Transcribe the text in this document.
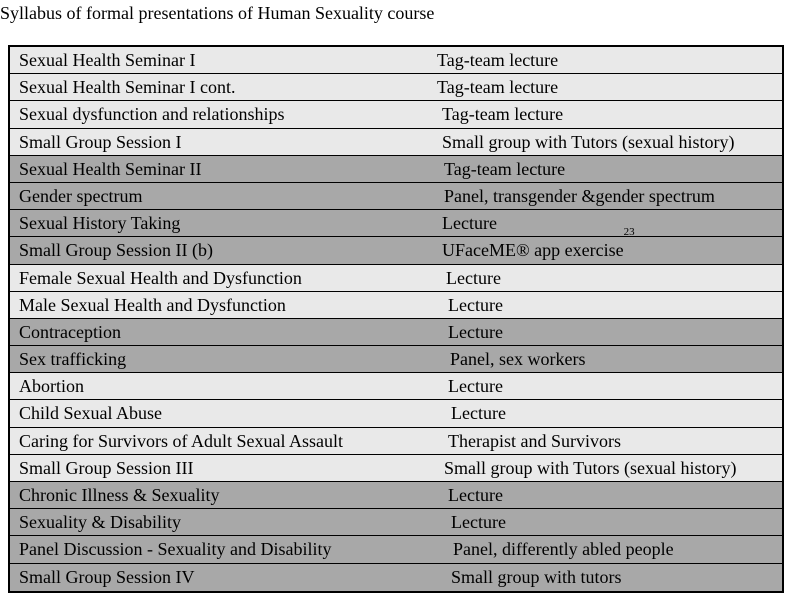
Syllabus of formal presentations of Human Sexuality course
Sexual Health Seminar I	Tag-team lecture
Sexual Health Seminar I cont.	Tag-team lecture
Sexual dysfunction and relationships	Tag-team lecture
Small Group Session I	Small group with Tutors (sexual history)
Sexual Health Seminar II	Tag-team lecture
Gender spectrum	Panel, transgender &gender spectrum
Sexual History Taking	Lecture
Small Group Session II (b)	UFaceME® app exercise$^{23}$
Female Sexual Health and Dysfunction	Lecture
Male Sexual Health and Dysfunction	Lecture
Contraception	Lecture
Sex trafficking	Panel, sex workers
Abortion	Lecture
Child Sexual Abuse	Lecture
Caring for Survivors of Adult Sexual Assault	Therapist and Survivors
Small Group Session III	Small group with Tutors (sexual history)
Chronic Illness & Sexuality	Lecture
Sexuality & Disability	Lecture
Panel Discussion - Sexuality and Disability	Panel, differently abled people
Small Group Session IV	Small group with tutors
